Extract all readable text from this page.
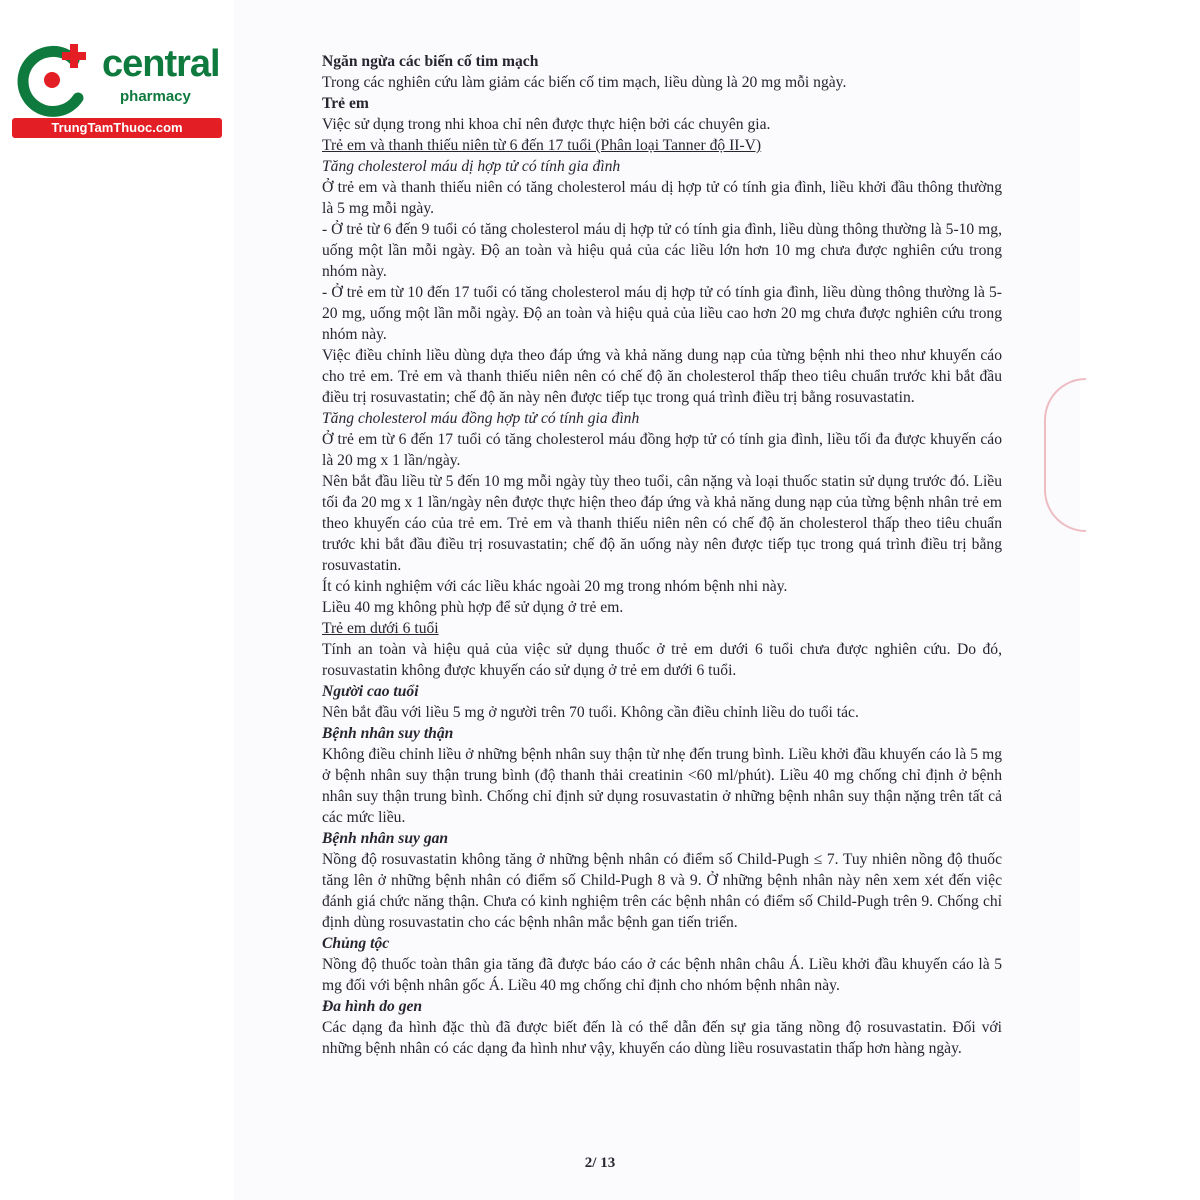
central
pharmacy
TrungTamThuoc.com

Ngăn ngừa các biến cố tim mạch

Trong các nghiên cứu làm giảm các biến cố tim mạch, liều dùng là 20 mg mỗi ngày.

Trẻ em

Việc sử dụng trong nhi khoa chỉ nên được thực hiện bởi các chuyên gia.

Trẻ em và thanh thiếu niên từ 6 đến 17 tuổi (Phân loại Tanner độ II-V)

Tăng cholesterol máu dị hợp tử có tính gia đình

Ở trẻ em và thanh thiếu niên có tăng cholesterol máu dị hợp tử có tính gia đình, liều khởi đầu thông thường là 5 mg mỗi ngày.

- Ở trẻ từ 6 đến 9 tuổi có tăng cholesterol máu dị hợp tử có tính gia đình, liều dùng thông thường là 5-10 mg, uống một lần mỗi ngày. Độ an toàn và hiệu quả của các liều lớn hơn 10 mg chưa được nghiên cứu trong nhóm này.

- Ở trẻ em từ 10 đến 17 tuổi có tăng cholesterol máu dị hợp tử có tính gia đình, liều dùng thông thường là 5-20 mg, uống một lần mỗi ngày. Độ an toàn và hiệu quả của liều cao hơn 20 mg chưa được nghiên cứu trong nhóm này.

Việc điều chỉnh liều dùng dựa theo đáp ứng và khả năng dung nạp của từng bệnh nhi theo như khuyến cáo cho trẻ em. Trẻ em và thanh thiếu niên nên có chế độ ăn cholesterol thấp theo tiêu chuẩn trước khi bắt đầu điều trị rosuvastatin; chế độ ăn này nên được tiếp tục trong quá trình điều trị bằng rosuvastatin.

Tăng cholesterol máu đồng hợp tử có tính gia đình

Ở trẻ em từ 6 đến 17 tuổi có tăng cholesterol máu đồng hợp tử có tính gia đình, liều tối đa được khuyến cáo là 20 mg x 1 lần/ngày.

Nên bắt đầu liều từ 5 đến 10 mg mỗi ngày tùy theo tuổi, cân nặng và loại thuốc statin sử dụng trước đó. Liều tối đa 20 mg x 1 lần/ngày nên được thực hiện theo đáp ứng và khả năng dung nạp của từng bệnh nhân trẻ em theo khuyến cáo của trẻ em. Trẻ em và thanh thiếu niên nên có chế độ ăn cholesterol thấp theo tiêu chuẩn trước khi bắt đầu điều trị rosuvastatin; chế độ ăn uống này nên được tiếp tục trong quá trình điều trị bằng rosuvastatin.

Ít có kinh nghiệm với các liều khác ngoài 20 mg trong nhóm bệnh nhi này.

Liều 40 mg không phù hợp để sử dụng ở trẻ em.

Trẻ em dưới 6 tuổi

Tính an toàn và hiệu quả của việc sử dụng thuốc ở trẻ em dưới 6 tuổi chưa được nghiên cứu. Do đó, rosuvastatin không được khuyến cáo sử dụng ở trẻ em dưới 6 tuổi.

Người cao tuổi

Nên bắt đầu với liều 5 mg ở người trên 70 tuổi. Không cần điều chỉnh liều do tuổi tác.

Bệnh nhân suy thận

Không điều chỉnh liều ở những bệnh nhân suy thận từ nhẹ đến trung bình. Liều khởi đầu khuyến cáo là 5 mg ở bệnh nhân suy thận trung bình (độ thanh thải creatinin <60 ml/phút). Liều 40 mg chống chỉ định ở bệnh nhân suy thận trung bình. Chống chỉ định sử dụng rosuvastatin ở những bệnh nhân suy thận nặng trên tất cả các mức liều.

Bệnh nhân suy gan

Nồng độ rosuvastatin không tăng ở những bệnh nhân có điểm số Child-Pugh ≤ 7. Tuy nhiên nồng độ thuốc tăng lên ở những bệnh nhân có điểm số Child-Pugh 8 và 9. Ở những bệnh nhân này nên xem xét đến việc đánh giá chức năng thận. Chưa có kinh nghiệm trên các bệnh nhân có điểm số Child-Pugh trên 9. Chống chỉ định dùng rosuvastatin cho các bệnh nhân mắc bệnh gan tiến triển.

Chủng tộc

Nồng độ thuốc toàn thân gia tăng đã được báo cáo ở các bệnh nhân châu Á. Liều khởi đầu khuyến cáo là 5 mg đối với bệnh nhân gốc Á. Liều 40 mg chống chỉ định cho nhóm bệnh nhân này.

Đa hình do gen

Các dạng đa hình đặc thù đã được biết đến là có thể dẫn đến sự gia tăng nồng độ rosuvastatin. Đối với những bệnh nhân có các dạng đa hình như vậy, khuyến cáo dùng liều rosuvastatin thấp hơn hàng ngày.

2/ 13
